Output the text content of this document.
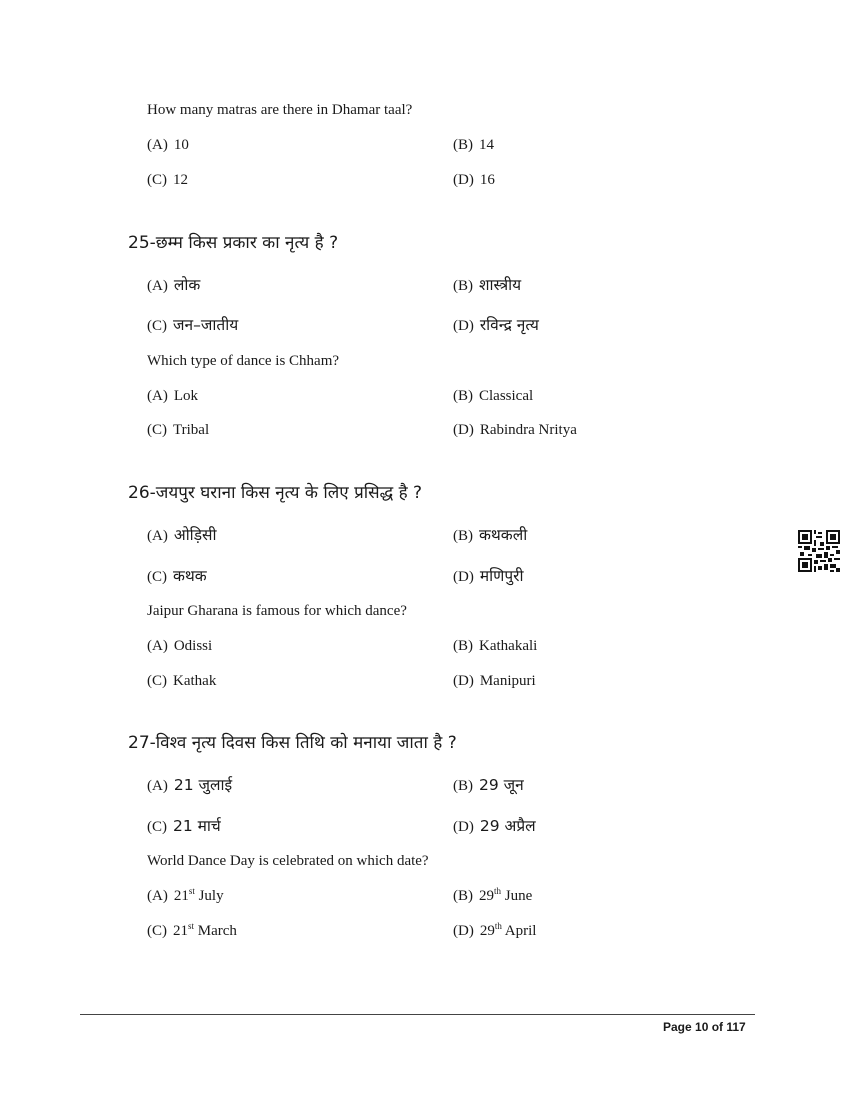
How many matras are there in Dhamar taal?
(A) 10	(B) 14
(C) 12	(D) 16
25-छम्म किस प्रकार का नृत्य है ?
(A) लोक	(B) शास्त्रीय
(C) जन–जातीय	(D) रविन्द्र नृत्य
Which type of dance is Chham?
(A) Lok	(B) Classical
(C) Tribal	(D) Rabindra Nritya
26-जयपुर घराना किस नृत्य के लिए प्रसिद्ध है ?
(A) ओड़िसी	(B) कथकली
(C) कथक	(D) मणिपुरी
Jaipur Gharana is famous for which dance?
(A) Odissi	(B) Kathakali
(C) Kathak	(D) Manipuri
27-विश्व नृत्य दिवस किस तिथि को मनाया जाता है ?
(A) 21 जुलाई	(B) 29 जून
(C) 21 मार्च	(D) 29 अप्रैल
World Dance Day is celebrated on which date?
(A) 21st July	(B) 29th June
(C) 21st March	(D) 29th April
Page 10 of 117
